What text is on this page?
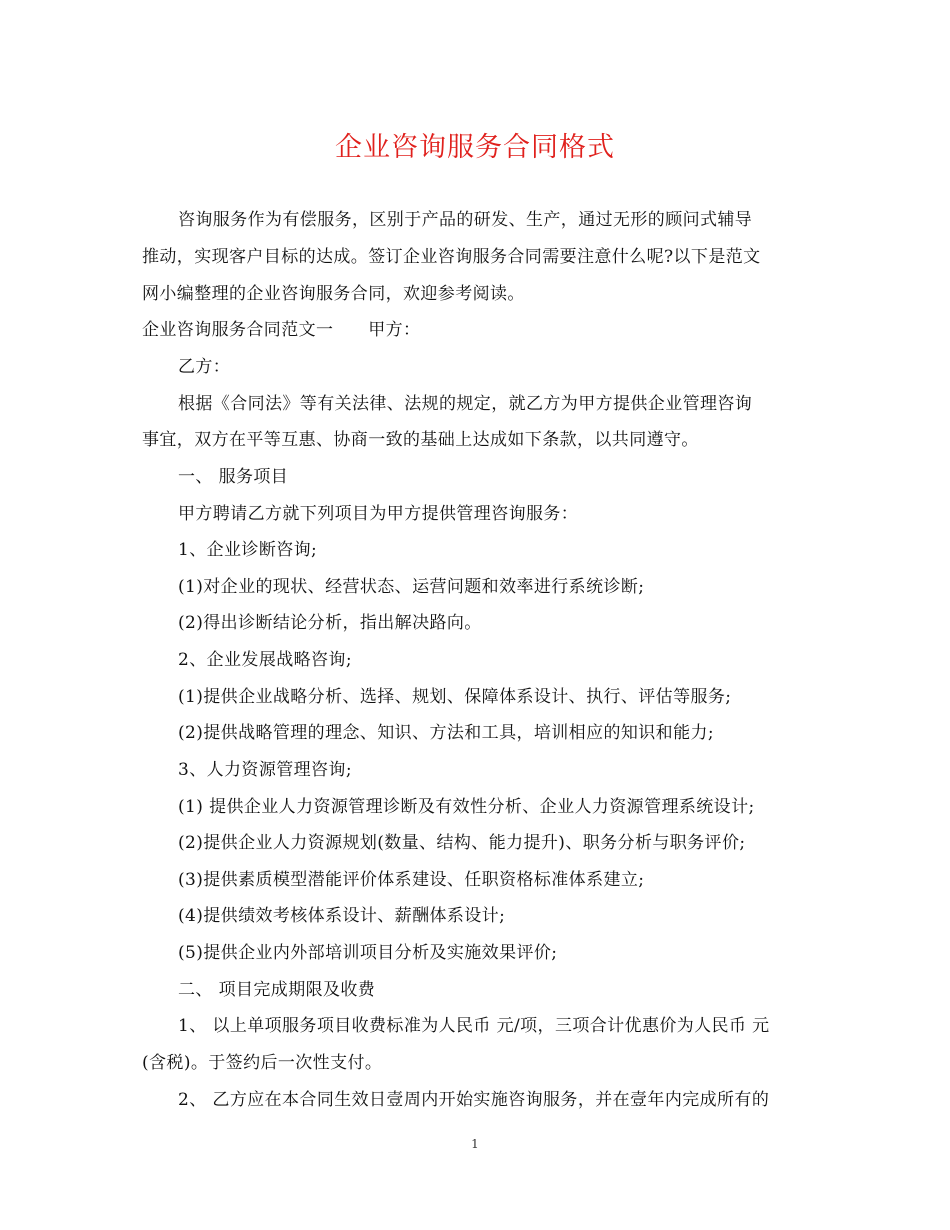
企业咨询服务合同格式
咨询服务作为有偿服务，区别于产品的研发、生产，通过无形的顾问式辅导
推动，实现客户目标的达成。签订企业咨询服务合同需要注意什么呢?以下是范文
网小编整理的企业咨询服务合同，欢迎参考阅读。
企业咨询服务合同范文一　　甲方：
乙方：
根据《合同法》等有关法律、法规的规定，就乙方为甲方提供企业管理咨询
事宜，双方在平等互惠、协商一致的基础上达成如下条款，以共同遵守。
一、 服务项目
甲方聘请乙方就下列项目为甲方提供管理咨询服务：
1、企业诊断咨询;
(1)对企业的现状、经营状态、运营问题和效率进行系统诊断;
(2)得出诊断结论分析，指出解决路向。
2、企业发展战略咨询;
(1)提供企业战略分析、选择、规划、保障体系设计、执行、评估等服务;
(2)提供战略管理的理念、知识、方法和工具，培训相应的知识和能力;
3、人力资源管理咨询;
(1) 提供企业人力资源管理诊断及有效性分析、企业人力资源管理系统设计;
(2)提供企业人力资源规划(数量、结构、能力提升)、职务分析与职务评价;
(3)提供素质模型潜能评价体系建设、任职资格标准体系建立;
(4)提供绩效考核体系设计、薪酬体系设计;
(5)提供企业内外部培训项目分析及实施效果评价;
二、 项目完成期限及收费
1、 以上单项服务项目收费标准为人民币 元/项，三项合计优惠价为人民币 元
(含税)。于签约后一次性支付。
2、 乙方应在本合同生效日壹周内开始实施咨询服务，并在壹年内完成所有的
1
